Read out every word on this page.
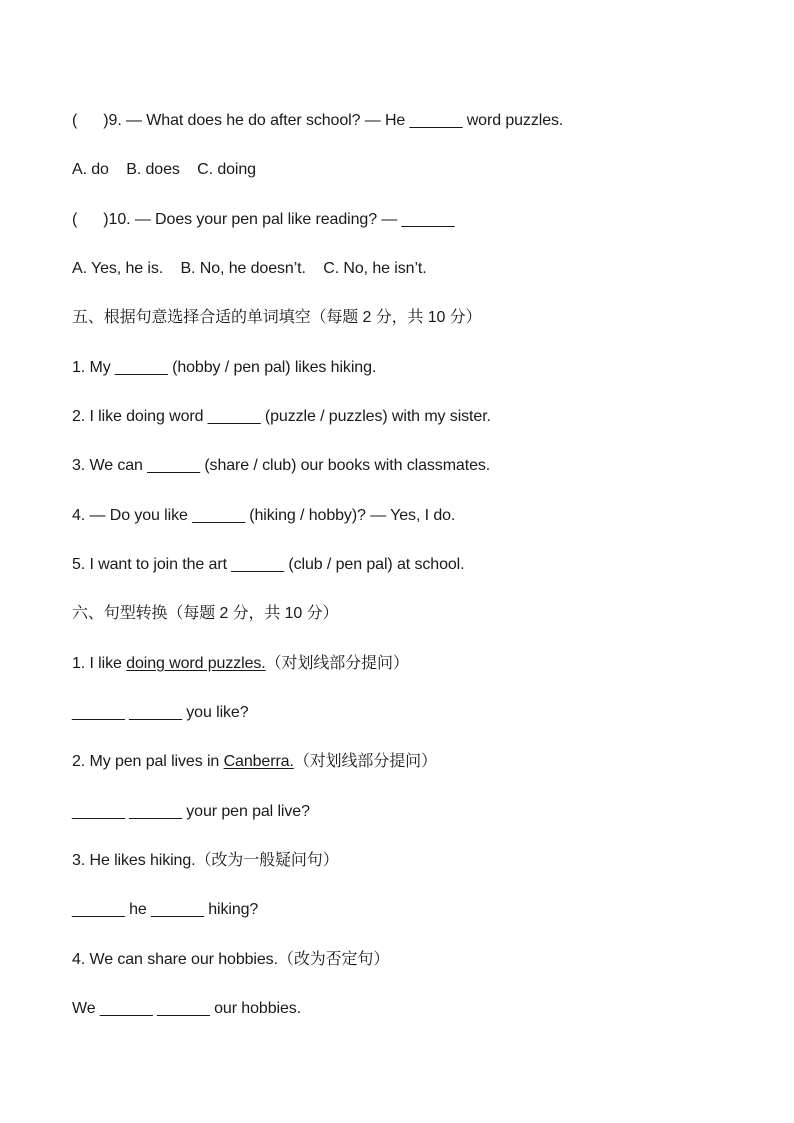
(      )9. — What does he do after school? — He ______ word puzzles.
A. do    B. does    C. doing
(      )10. — Does your pen pal like reading? — ______
A. Yes, he is.    B. No, he doesn’t.    C. No, he isn’t.
五、根据句意选择合适的单词填空（每题 2 分，共 10 分）
1. My ______ (hobby / pen pal) likes hiking.
2. I like doing word ______ (puzzle / puzzles) with my sister.
3. We can ______ (share / club) our books with classmates.
4. — Do you like ______ (hiking / hobby)? — Yes, I do.
5. I want to join the art ______ (club / pen pal) at school.
六、句型转换（每题 2 分，共 10 分）
1. I like doing word puzzles.（对划线部分提问）
______ ______ you like?
2. My pen pal lives in Canberra.（对划线部分提问）
______ ______ your pen pal live?
3. He likes hiking.（改为一般疑问句）
______ he ______ hiking?
4. We can share our hobbies.（改为否定句）
We ______ ______ our hobbies.
